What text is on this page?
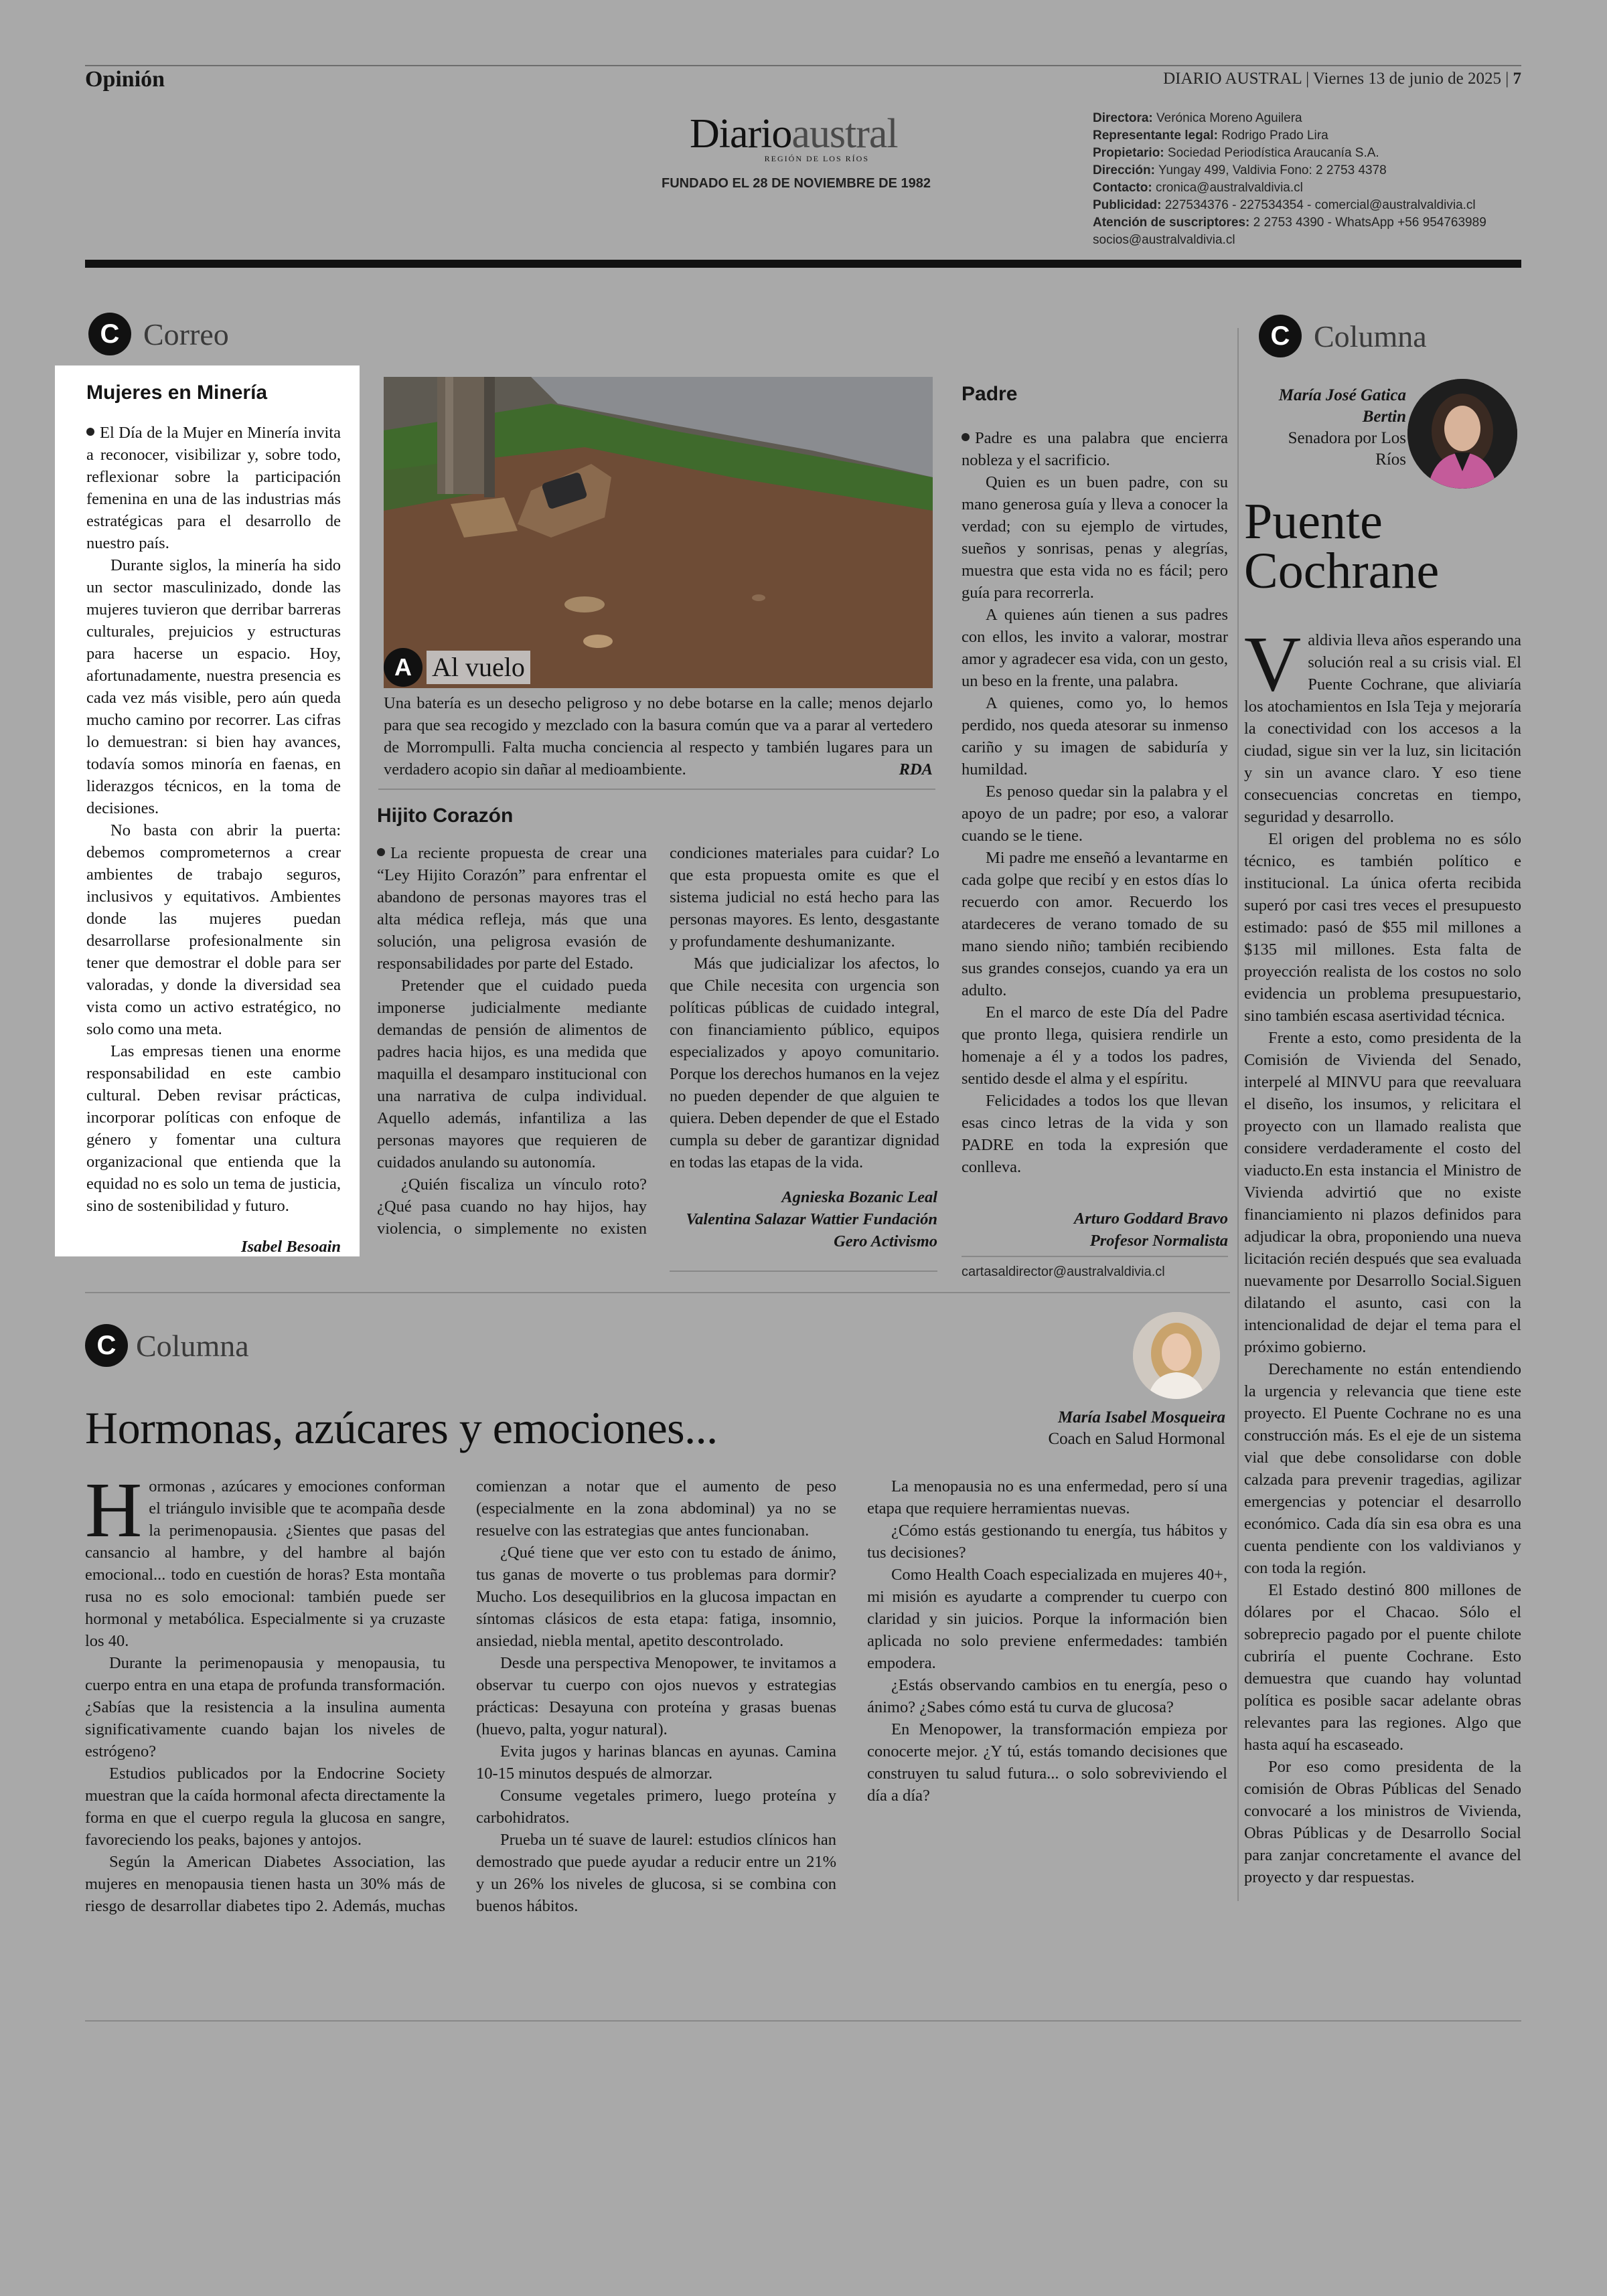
Opinión	DIARIO AUSTRAL | Viernes 13 de junio de 2025 | 7
Diarioaustral
REGIÓN DE LOS RÍOS
FUNDADO EL 28 DE NOVIEMBRE DE 1982
Directora: Verónica Moreno Aguilera
Representante legal: Rodrigo Prado Lira
Propietario: Sociedad Periodística Araucanía S.A.
Dirección: Yungay 499, Valdivia Fono: 2 2753 4378
Contacto: cronica@australvaldivia.cl
Publicidad: 227534376 - 227534354 - comercial@australvaldivia.cl
Atención de suscriptores: 2 2753 4390 - WhatsApp +56 954763989
socios@australvaldivia.cl
C Correo
Mujeres en Minería

El Día de la Mujer en Minería invita a reconocer, visibilizar y, sobre todo, reflexionar sobre la participación femenina en una de las industrias más estratégicas para el desarrollo de nuestro país.

Durante siglos, la minería ha sido un sector masculinizado, donde las mujeres tuvieron que derribar barreras culturales, prejuicios y estructuras para hacerse un espacio. Hoy, afortunadamente, nuestra presencia es cada vez más visible, pero aún queda mucho camino por recorrer. Las cifras lo demuestran: si bien hay avances, todavía somos minoría en faenas, en liderazgos técnicos, en la toma de decisiones.

No basta con abrir la puerta: debemos comprometernos a crear ambientes de trabajo seguros, inclusivos y equitativos. Ambientes donde las mujeres puedan desarrollarse profesionalmente sin tener que demostrar el doble para ser valoradas, y donde la diversidad sea vista como un activo estratégico, no solo como una meta.

Las empresas tienen una enorme responsabilidad en este cambio cultural. Deben revisar prácticas, incorporar políticas con enfoque de género y fomentar una cultura organizacional que entienda que la equidad no es solo un tema de justicia, sino de sostenibilidad y futuro.

Isabel Besoain
A Al vuelo

Una batería es un desecho peligroso y no debe botarse en la calle; menos dejarlo para que sea recogido y mezclado con la basura común que va a parar al vertedero de Morrompulli. Falta mucha conciencia al respecto y también lugares para un verdadero acopio sin dañar al medioambiente.	RDA
Hijito Corazón

La reciente propuesta de crear una “Ley Hijito Corazón” para enfrentar el abandono de personas mayores tras el alta médica refleja, más que una solución, una peligrosa evasión de responsabilidades por parte del Estado.

Pretender que el cuidado pueda imponerse judicialmente mediante demandas de pensión de alimentos de padres hacia hijos, es una medida que maquilla el desamparo institucional con una narrativa de culpa individual. Aquello además, infantiliza a las personas mayores que requieren de cuidados anulando su autonomía.

¿Quién fiscaliza un vínculo roto? ¿Qué pasa cuando no hay hijos, hay violencia, o simplemente no existen condiciones materiales para cuidar? Lo que esta propuesta omite es que el sistema judicial no está hecho para las personas mayores. Es lento, desgastante y profundamente deshumanizante.

Más que judicializar los afectos, lo que Chile necesita con urgencia son políticas públicas de cuidado integral, con financiamiento público, equipos especializados y apoyo comunitario. Porque los derechos humanos en la vejez no pueden depender de que alguien te quiera. Deben depender de que el Estado cumpla su deber de garantizar dignidad en todas las etapas de la vida.

Agnieska Bozanic Leal
Valentina Salazar Wattier Fundación Gero Activismo
Padre

Padre es una palabra que encierra nobleza y el sacrificio.

Quien es un buen padre, con su mano generosa guía y lleva a conocer la verdad; con su ejemplo de virtudes, sueños y sonrisas, penas y alegrías, muestra que esta vida no es fácil; pero guía para recorrerla.

A quienes aún tienen a sus padres con ellos, les invito a valorar, mostrar amor y agradecer esa vida, con un gesto, un beso en la frente, una palabra.

A quienes, como yo, lo hemos perdido, nos queda atesorar su inmenso cariño y su imagen de sabiduría y humildad.

Es penoso quedar sin la palabra y el apoyo de un padre; por eso, a valorar cuando se le tiene.

Mi padre me enseñó a levantarme en cada golpe que recibí y en estos días lo recuerdo con amor. Recuerdo los atardeceres de verano tomado de su mano siendo niño; también recibiendo sus grandes consejos, cuando ya era un adulto.

En el marco de este Día del Padre que pronto llega, quisiera rendirle un homenaje a él y a todos los padres, sentido desde el alma y el espíritu.

Felicidades a todos los que llevan esas cinco letras de la vida y son PADRE en toda la expresión que conlleva.

Arturo Goddard Bravo
Profesor Normalista
cartasaldirector@australvaldivia.cl
C Columna
María José Gatica Bertin
Senadora por Los Ríos
Puente
Cochrane
V aldivia lleva años esperando una solución real a su crisis vial. El Puente Cochrane, que aliviaría los atochamientos en Isla Teja y mejoraría la conectividad con los accesos a la ciudad, sigue sin ver la luz, sin licitación y sin un avance claro. Y eso tiene consecuencias concretas en tiempo, seguridad y desarrollo.

El origen del problema no es sólo técnico, es también político e institucional. La única oferta recibida superó por casi tres veces el presupuesto estimado: pasó de $55 mil millones a $135 mil millones. Esta falta de proyección realista de los costos no solo evidencia un problema presupuestario, sino también escasa asertividad técnica.

Frente a esto, como presidenta de la Comisión de Vivienda del Senado, interpelé al MINVU para que reevaluara el diseño, los insumos, y relicitara el proyecto con un llamado realista que considere verdaderamente el costo del viaducto.En esta instancia el Ministro de Vivienda advirtió que no existe financiamiento ni plazos definidos para adjudicar la obra, proponiendo una nueva licitación recién después que sea evaluada nuevamente por Desarrollo Social.Siguen dilatando el asunto, casi con la intencionalidad de dejar el tema para el próximo gobierno.

Derechamente no están entendiendo la urgencia y relevancia que tiene este proyecto. El Puente Cochrane no es una construcción más. Es el eje de un sistema vial que debe consolidarse con doble calzada para prevenir tragedias, agilizar emergencias y potenciar el desarrollo económico. Cada día sin esa obra es una cuenta pendiente con los valdivianos y con toda la región.

El Estado destinó 800 millones de dólares por el Chacao. Sólo el sobreprecio pagado por el puente chilote cubriría el puente Cochrane. Esto demuestra que cuando hay voluntad política es posible sacar adelante obras relevantes para las regiones. Algo que hasta aquí ha escaseado.

Por eso como presidenta de la comisión de Obras Públicas del Senado convocaré a los ministros de Vivienda, Obras Públicas y de Desarrollo Social para zanjar concretamente el avance del proyecto y dar respuestas.

C Columna
Hormonas, azúcares y emociones...	María Isabel Mosqueira
Coach en Salud Hormonal
H ormonas , azúcares y emociones conforman el triángulo invisible que te acompaña desde la perimenopausia. ¿Sientes que pasas del cansancio al hambre, y del hambre al bajón emocional... todo en cuestión de horas? Esta montaña rusa no es solo emocional: también puede ser hormonal y metabólica. Especialmente si ya cruzaste los 40.

Durante la perimenopausia y menopausia, tu cuerpo entra en una etapa de profunda transformación. ¿Sabías que la resistencia a la insulina aumenta significativamente cuando bajan los niveles de estrógeno?

Estudios publicados por la Endocrine Society muestran que la caída hormonal afecta directamente la forma en que el cuerpo regula la glucosa en sangre, favoreciendo los peaks, bajones y antojos.

Según la American Diabetes Association, las mujeres en menopausia tienen hasta un 30% más de riesgo de desarrollar diabetes tipo 2. Además, muchas comienzan a notar que el aumento de peso (especialmente en la zona abdominal) ya no se resuelve con las estrategias que antes funcionaban.

¿Qué tiene que ver esto con tu estado de ánimo, tus ganas de moverte o tus problemas para dormir? Mucho. Los desequilibrios en la glucosa impactan en síntomas clásicos de esta etapa: fatiga, insomnio, ansiedad, niebla mental, apetito descontrolado.

Desde una perspectiva Menopower, te invitamos a observar tu cuerpo con ojos nuevos y estrategias prácticas: Desayuna con proteína y grasas buenas (huevo, palta, yogur natural).

Evita jugos y harinas blancas en ayunas. Camina 10-15 minutos después de almorzar.

Consume vegetales primero, luego proteína y carbohidratos.

Prueba un té suave de laurel: estudios clínicos han demostrado que puede ayudar a reducir entre un 21% y un 26% los niveles de glucosa, si se combina con buenos hábitos.

La menopausia no es una enfermedad, pero sí una etapa que requiere herramientas nuevas.

¿Cómo estás gestionando tu energía, tus hábitos y tus decisiones?

Como Health Coach especializada en mujeres 40+, mi misión es ayudarte a comprender tu cuerpo con claridad y sin juicios. Porque la información bien aplicada no solo previene enfermedades: también empodera.

¿Estás observando cambios en tu energía, peso o ánimo? ¿Sabes cómo está tu curva de glucosa?

En Menopower, la transformación empieza por conocerte mejor. ¿Y tú, estás tomando decisiones que construyen tu salud futura... o solo sobreviviendo el día a día?
